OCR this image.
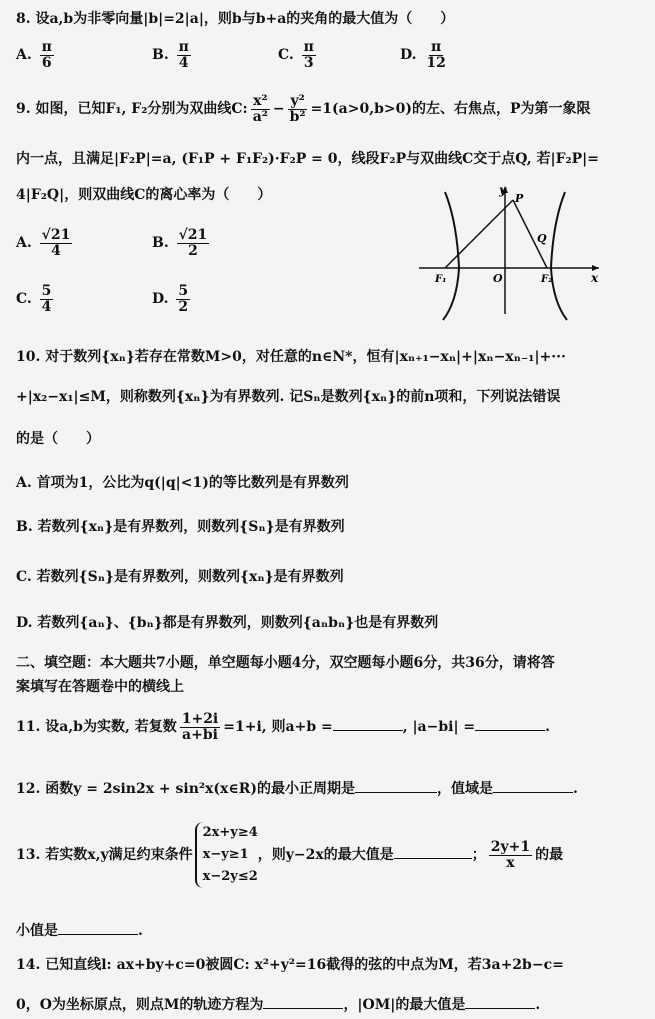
8. 设a,b为非零向量|b|=2|a|，则b与b+a的夹角的最大值为（　　）
A. $\frac{\pi}{6}$	B. $\frac{\pi}{4}$	C. $\frac{\pi}{3}$	D. $\frac{\pi}{12}$
9. 如图，已知F₁, F₂分别为双曲线C: $\frac{\text{x²}}{\text{a²}} - \frac{\text{y²}}{\text{b²}} =1(a>0,b>0)$的左、右焦点，P为第一象限
内一点，且满足|F₂P|=a, (F₁P + F₁F₂)·F₂P = 0，线段F₂P与双曲线C交于点Q, 若|F₂P|=
4|F₂Q|，则双曲线C的离心率为（　　）
A. $\frac{√21}{4}$	B. $\frac{√21}{2}$
C. $\frac{5}{4}$	D. $\frac{5}{2}$
y
x
P
Q
O
F₁	F₂
10. 对于数列{xₙ}若存在常数M>0，对任意的n∈N*，恒有|xₙ₊₁−xₙ|+|xₙ−xₙ₋₁|+···
+|x₂−x₁|≤M，则称数列{xₙ}为有界数列. 记Sₙ是数列{xₙ}的前n项和，下列说法错误
的是（　　）
A. 首项为1，公比为q(|q|<1)的等比数列是有界数列
B. 若数列{xₙ}是有界数列，则数列{Sₙ}是有界数列
C. 若数列{Sₙ}是有界数列，则数列{xₙ}是有界数列
D. 若数列{aₙ}、{bₙ}都是有界数列，则数列{aₙbₙ}也是有界数列
二、填空题：本大题共7小题，单空题每小题4分，双空题每小题6分，共36分，请将答
案填写在答题卷中的横线上
11. 设a,b为实数, 若复数 $\frac{1+2i}{a+bi} =1+i$, 则a+b =	, |a−bi| =	.
12. 函数y = 2sin2x + sin²x(x∈R)的最小正周期是	，值域是	.
13. 若实数x,y满足约束条件
2x+y≥4
x−y≥1
x−2y≤2
，则y−2x的最大值是	； $\frac{2y+1}{x}$ 的最
小值是	.
14. 已知直线l: ax+by+c=0被圆C: x²+y²=16截得的弦的中点为M，若3a+2b−c=
0，O为坐标原点，则点M的轨迹方程为	，|OM|的最大值是	.
